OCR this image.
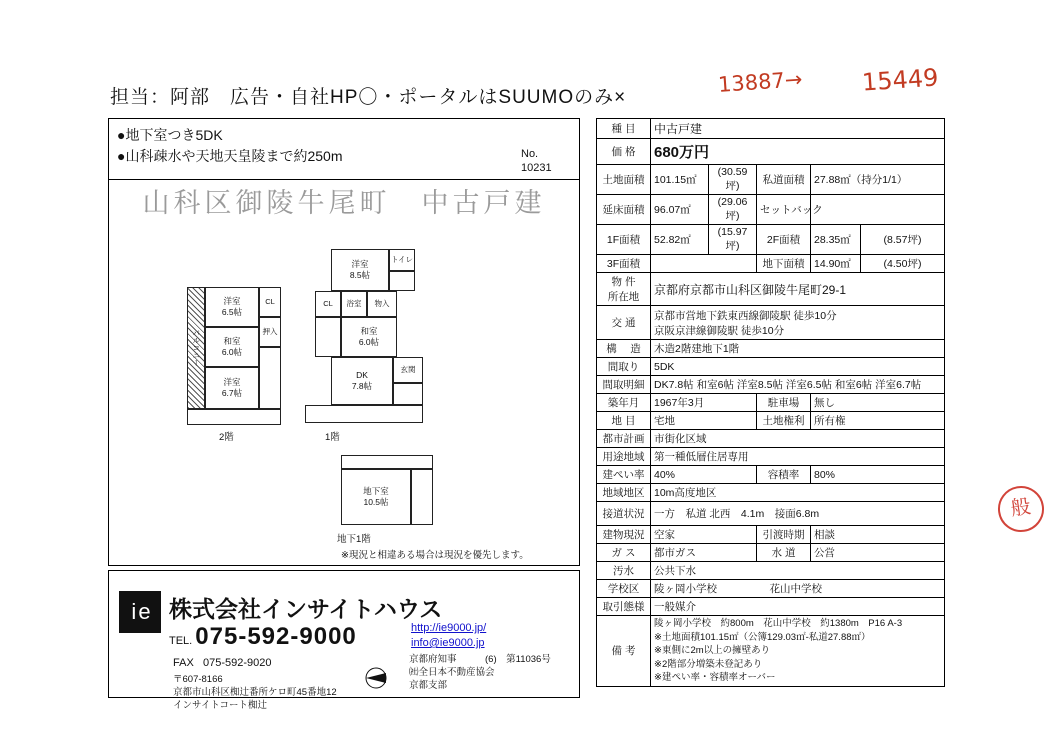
担当：阿部　広告・自社HP〇・ポータルはSUUMOのみ×
13887→ 15449
般
●地下室つき5DK
●山科疎水や天地天皇陵まで約250m	No.
10231
山科区御陵牛尾町　中古戸建
洋室
6.5帖
和室
6.0帖
洋室
6.7帖
CL
押入
バルコニー
2階
洋室
8.5帖
トイレ
CL 浴室 物入
和室
6.0帖
DK
7.8帖
玄関
1階
地下室
10.5帖
地下1階
※現況と相違ある場合は現況を優先します。
i e 株式会社インサイトハウス
TEL. 075-592-9000
FAX 075-592-9020
〒607-8166
京都市山科区椥辻番所ケロ町45番地12
インサイトコート椥辻
http://ie9000.jp/
info@ie9000.jp
京都府知事　　　(6)　第11036号
㈳全日本不動産協会
京都支部
種 目	中古戸建				
価 格	680万円				
土地面積	101.15㎡	(30.59坪)	私道面積	27.88㎡（持分1/1）	
延床面積	96.07㎡	(29.06坪)	セットバック		
1F面積	52.82㎡	(15.97坪)	2F面積	28.35㎡	(8.57坪)
3F面積			地下面積	14.90㎡	(4.50坪)
物 件
所在地	京都府京都市山科区御陵牛尾町29-1				
交 通	京都市営地下鉄東西線御陵駅 徒歩10分
京阪京津線御陵駅 徒歩10分				

構 　造	木造2階建地下1階				
間取り	5DK				
間取明細	DK7.8帖 和室6帖 洋室8.5帖 洋室6.5帖 和室6帖 洋室6.7帖				
築年月	1967年3月		駐車場	無し	
地 目	宅地		土地権利	所有権	
都市計画	市街化区域				
用途地域	第一種低層住居専用				
建ぺい率	40%		容積率	80%	
地域地区	10m高度地区				
接道状況	一方　私道 北西　4.1m　接面6.8m				
建物現況	空家		引渡時期	相談	
ガ ス	都市ガス		水 道	公営	
汚水	公共下水				
学校区	陵ヶ岡小学校　　　　　花山中学校				
取引態様	一般媒介				
備 考	陵ヶ岡小学校　約800m　花山中学校　約1380m　P16 A-3
※土地面積101.15㎡（公簿129.03㎡-私道27.88㎡）
※東側に2m以上の擁壁あり
※2階部分増築未登記あり
※建ぺい率・容積率オーバー				
